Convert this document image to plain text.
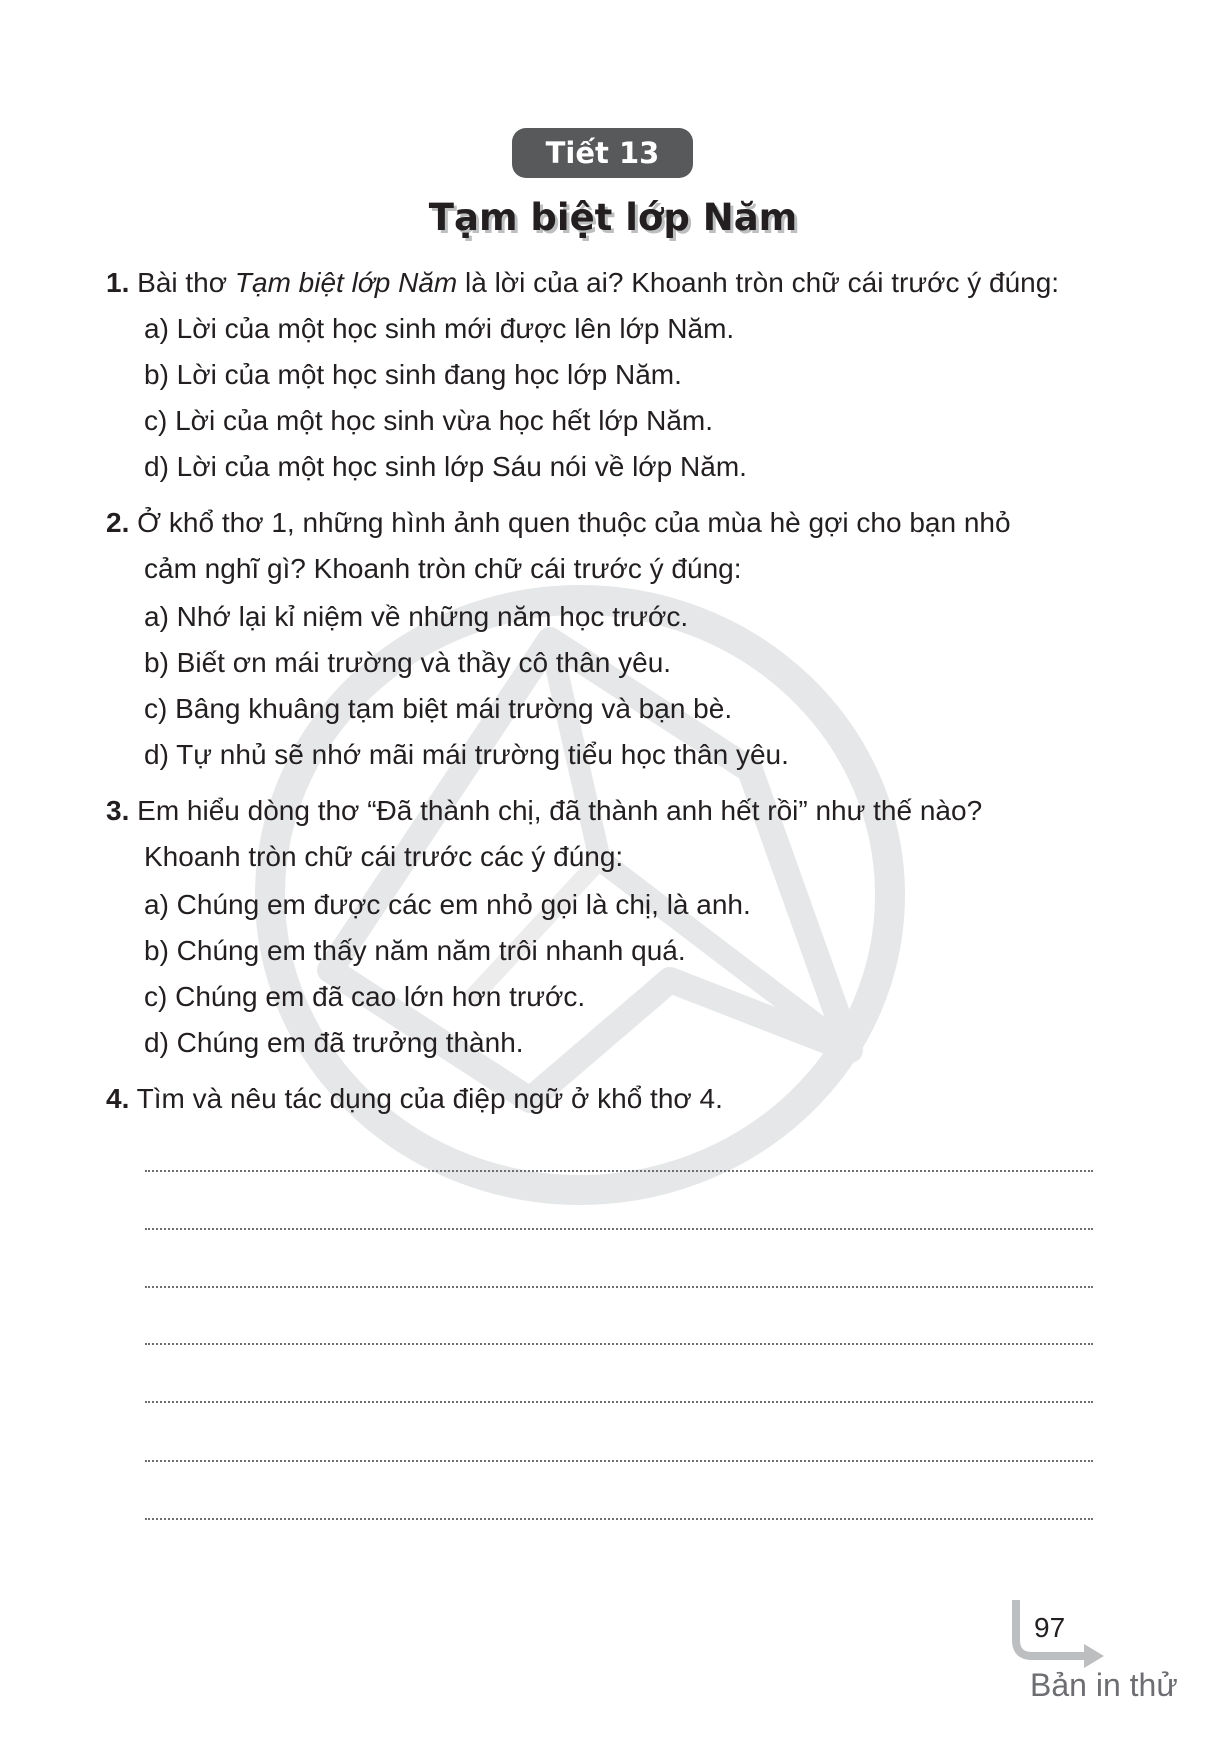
Tiết 13
Tạm biệt lớp Năm
1. Bài thơ Tạm biệt lớp Năm là lời của ai? Khoanh tròn chữ cái trước ý đúng:
a) Lời của một học sinh mới được lên lớp Năm.
b) Lời của một học sinh đang học lớp Năm.
c) Lời của một học sinh vừa học hết lớp Năm.
d) Lời của một học sinh lớp Sáu nói về lớp Năm.
2. Ở khổ thơ 1, những hình ảnh quen thuộc của mùa hè gợi cho bạn nhỏ
cảm nghĩ gì? Khoanh tròn chữ cái trước ý đúng:
a) Nhớ lại kỉ niệm về những năm học trước.
b) Biết ơn mái trường và thầy cô thân yêu.
c) Bâng khuâng tạm biệt mái trường và bạn bè.
d) Tự nhủ sẽ nhớ mãi mái trường tiểu học thân yêu.
3. Em hiểu dòng thơ “Đã thành chị, đã thành anh hết rồi” như thế nào?
Khoanh tròn chữ cái trước các ý đúng:
a) Chúng em được các em nhỏ gọi là chị, là anh.
b) Chúng em thấy năm năm trôi nhanh quá.
c) Chúng em đã cao lớn hơn trước.
d) Chúng em đã trưởng thành.
4. Tìm và nêu tác dụng của điệp ngữ ở khổ thơ 4.
97
Bản in thử
